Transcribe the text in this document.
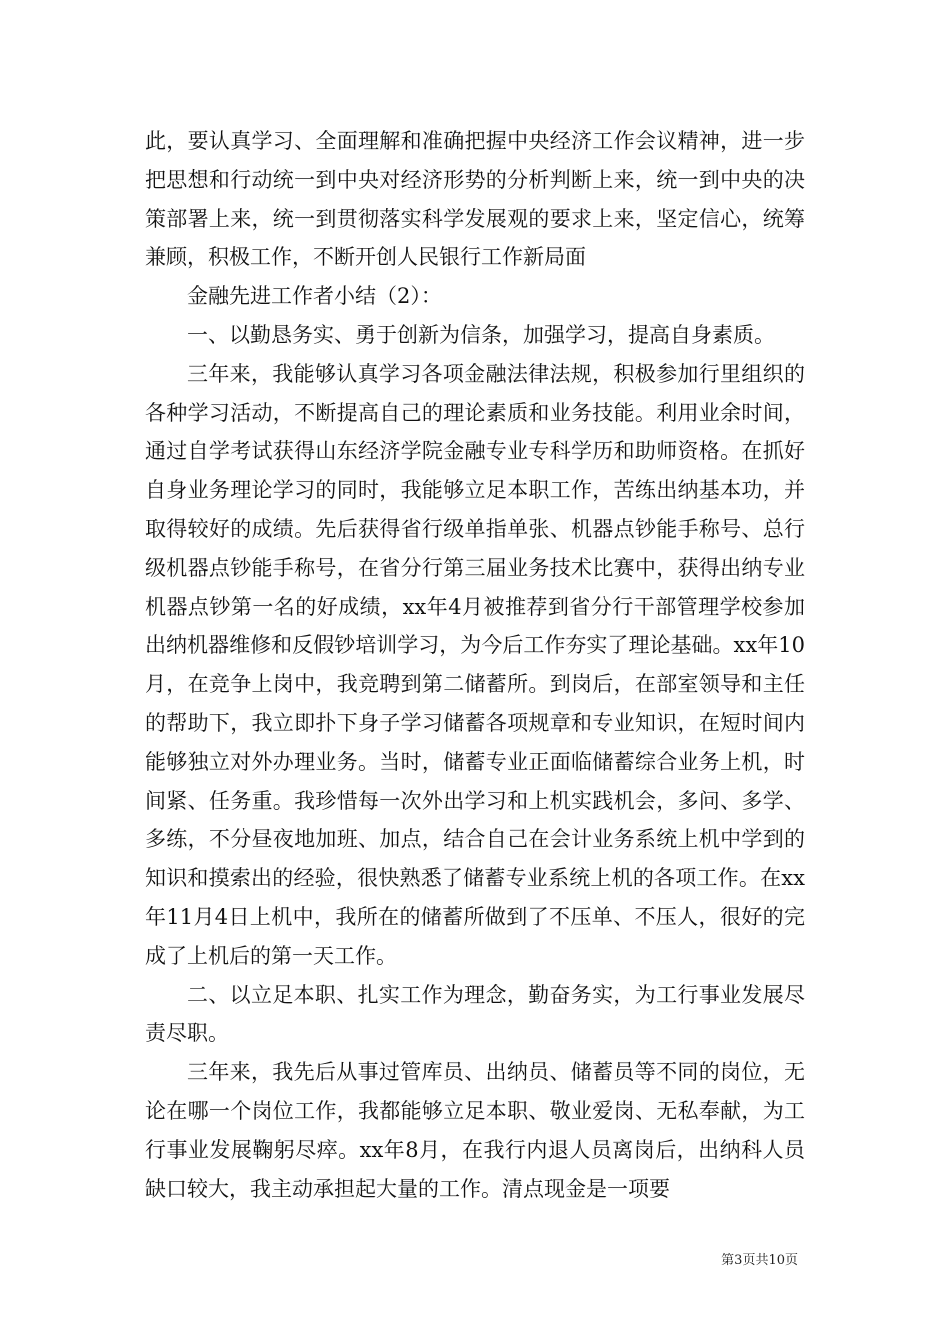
此，要认真学习、全面理解和准确把握中央经济工作会议精神，进一步把思想和行动统一到中央对经济形势的分析判断上来，统一到中央的决策部署上来，统一到贯彻落实科学发展观的要求上来，坚定信心，统筹兼顾，积极工作，不断开创人民银行工作新局面

金融先进工作者小结（2）：

一、以勤恳务实、勇于创新为信条，加强学习，提高自身素质。

三年来，我能够认真学习各项金融法律法规，积极参加行里组织的各种学习活动，不断提高自己的理论素质和业务技能。利用业余时间，通过自学考试获得山东经济学院金融专业专科学历和助师资格。在抓好自身业务理论学习的同时，我能够立足本职工作，苦练出纳基本功，并取得较好的成绩。先后获得省行级单指单张、机器点钞能手称号、总行级机器点钞能手称号，在省分行第三届业务技术比赛中，获得出纳专业机器点钞第一名的好成绩，xx年4月被推荐到省分行干部管理学校参加出纳机器维修和反假钞培训学习，为今后工作夯实了理论基础。xx年10月，在竞争上岗中，我竞聘到第二储蓄所。到岗后，在部室领导和主任的帮助下，我立即扑下身子学习储蓄各项规章和专业知识，在短时间内能够独立对外办理业务。当时，储蓄专业正面临储蓄综合业务上机，时间紧、任务重。我珍惜每一次外出学习和上机实践机会，多问、多学、多练，不分昼夜地加班、加点，结合自己在会计业务系统上机中学到的知识和摸索出的经验，很快熟悉了储蓄专业系统上机的各项工作。在xx年11月4日上机中，我所在的储蓄所做到了不压单、不压人，很好的完成了上机后的第一天工作。

二、以立足本职、扎实工作为理念，勤奋务实，为工行事业发展尽责尽职。

三年来，我先后从事过管库员、出纳员、储蓄员等不同的岗位，无论在哪一个岗位工作，我都能够立足本职、敬业爱岗、无私奉献，为工行事业发展鞠躬尽瘁。xx年8月，在我行内退人员离岗后，出纳科人员缺口较大，我主动承担起大量的工作。清点现金是一项要

第3页共10页
